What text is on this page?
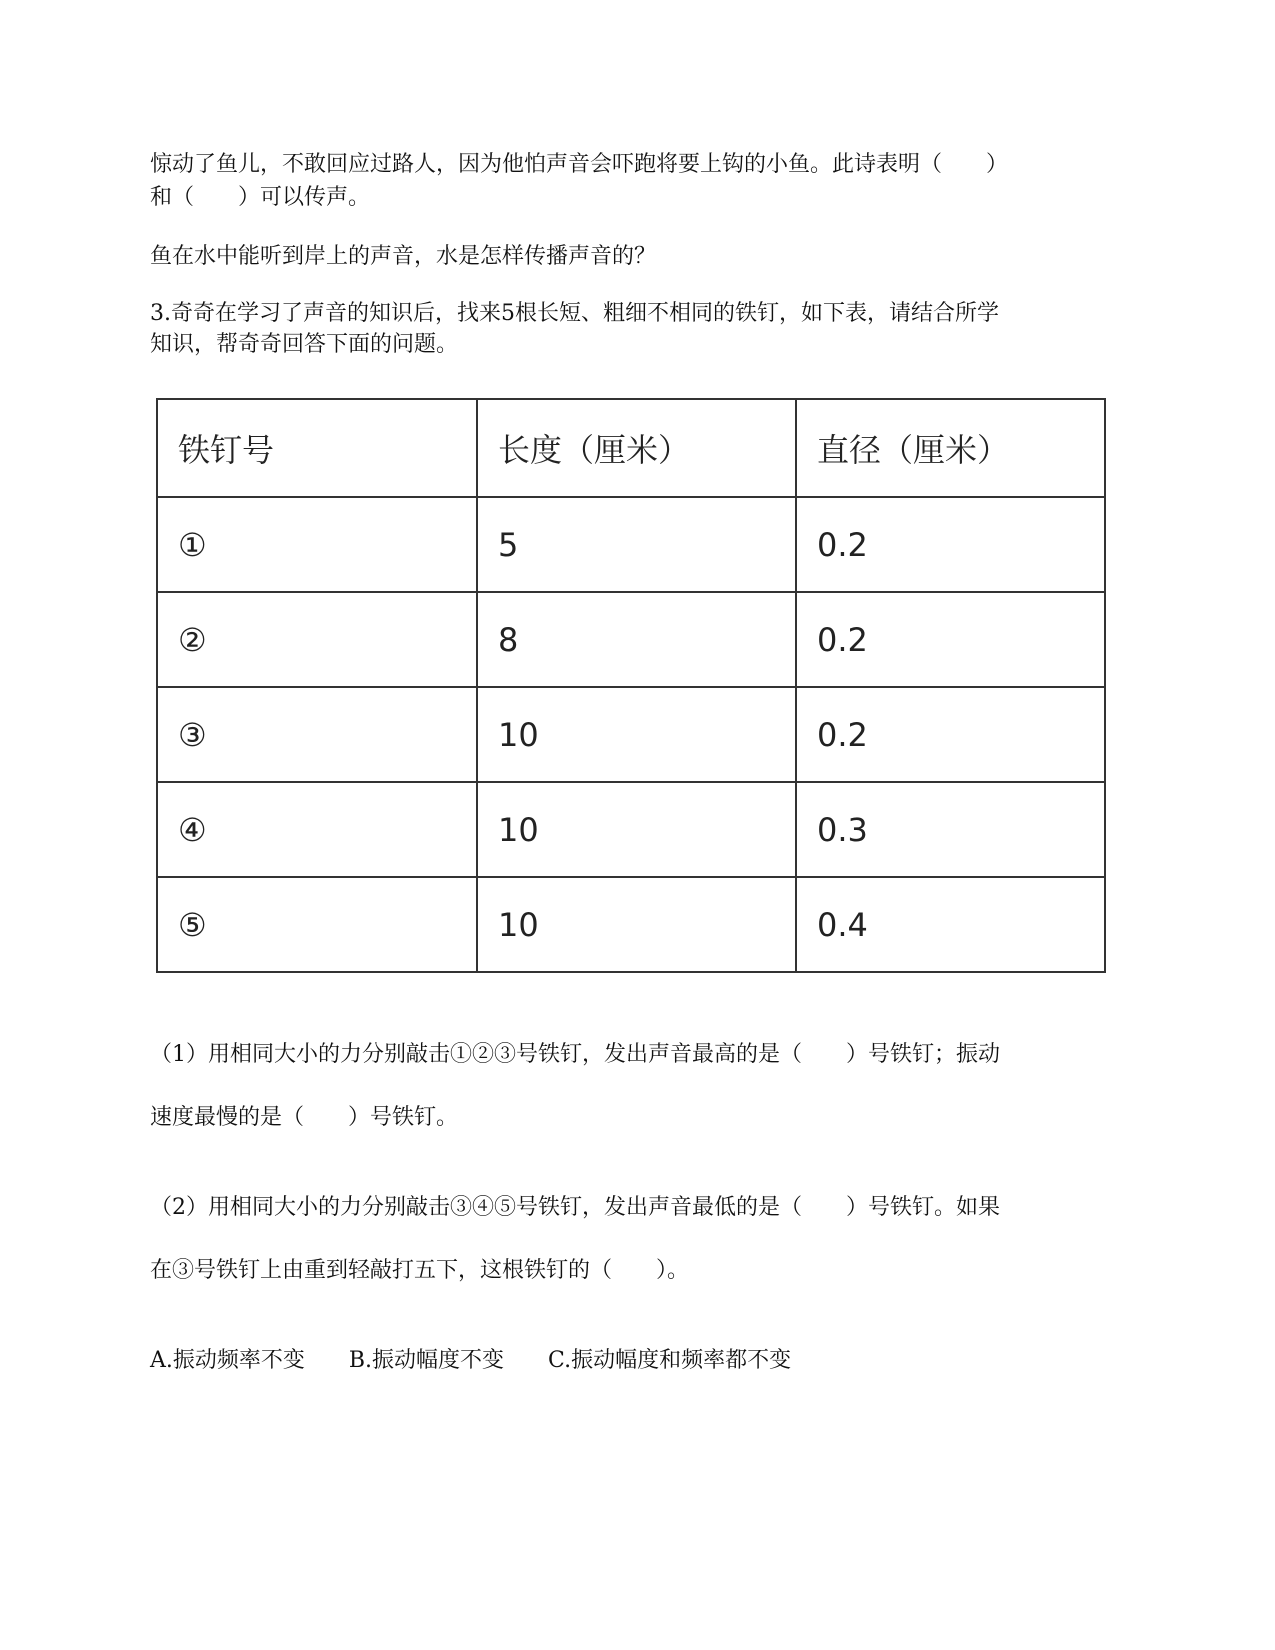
惊动了鱼儿，不敢回应过路人，因为他怕声音会吓跑将要上钩的小鱼。此诗表明（　　）

和（　　）可以传声。

鱼在水中能听到岸上的声音，水是怎样传播声音的？

3.奇奇在学习了声音的知识后，找来5根长短、粗细不相同的铁钉，如下表，请结合所学

知识，帮奇奇回答下面的问题。

铁钉号	长度（厘米）	直径（厘米）
①	5	0.2
②	8	0.2
③	10	0.2
④	10	0.3
⑤	10	0.4

（1）用相同大小的力分别敲击①②③号铁钉，发出声音最高的是（　　）号铁钉；振动

速度最慢的是（　　）号铁钉。

（2）用相同大小的力分别敲击③④⑤号铁钉，发出声音最低的是（　　）号铁钉。如果

在③号铁钉上由重到轻敲打五下，这根铁钉的（　　）。

A.振动频率不变　　B.振动幅度不变　　C.振动幅度和频率都不变
